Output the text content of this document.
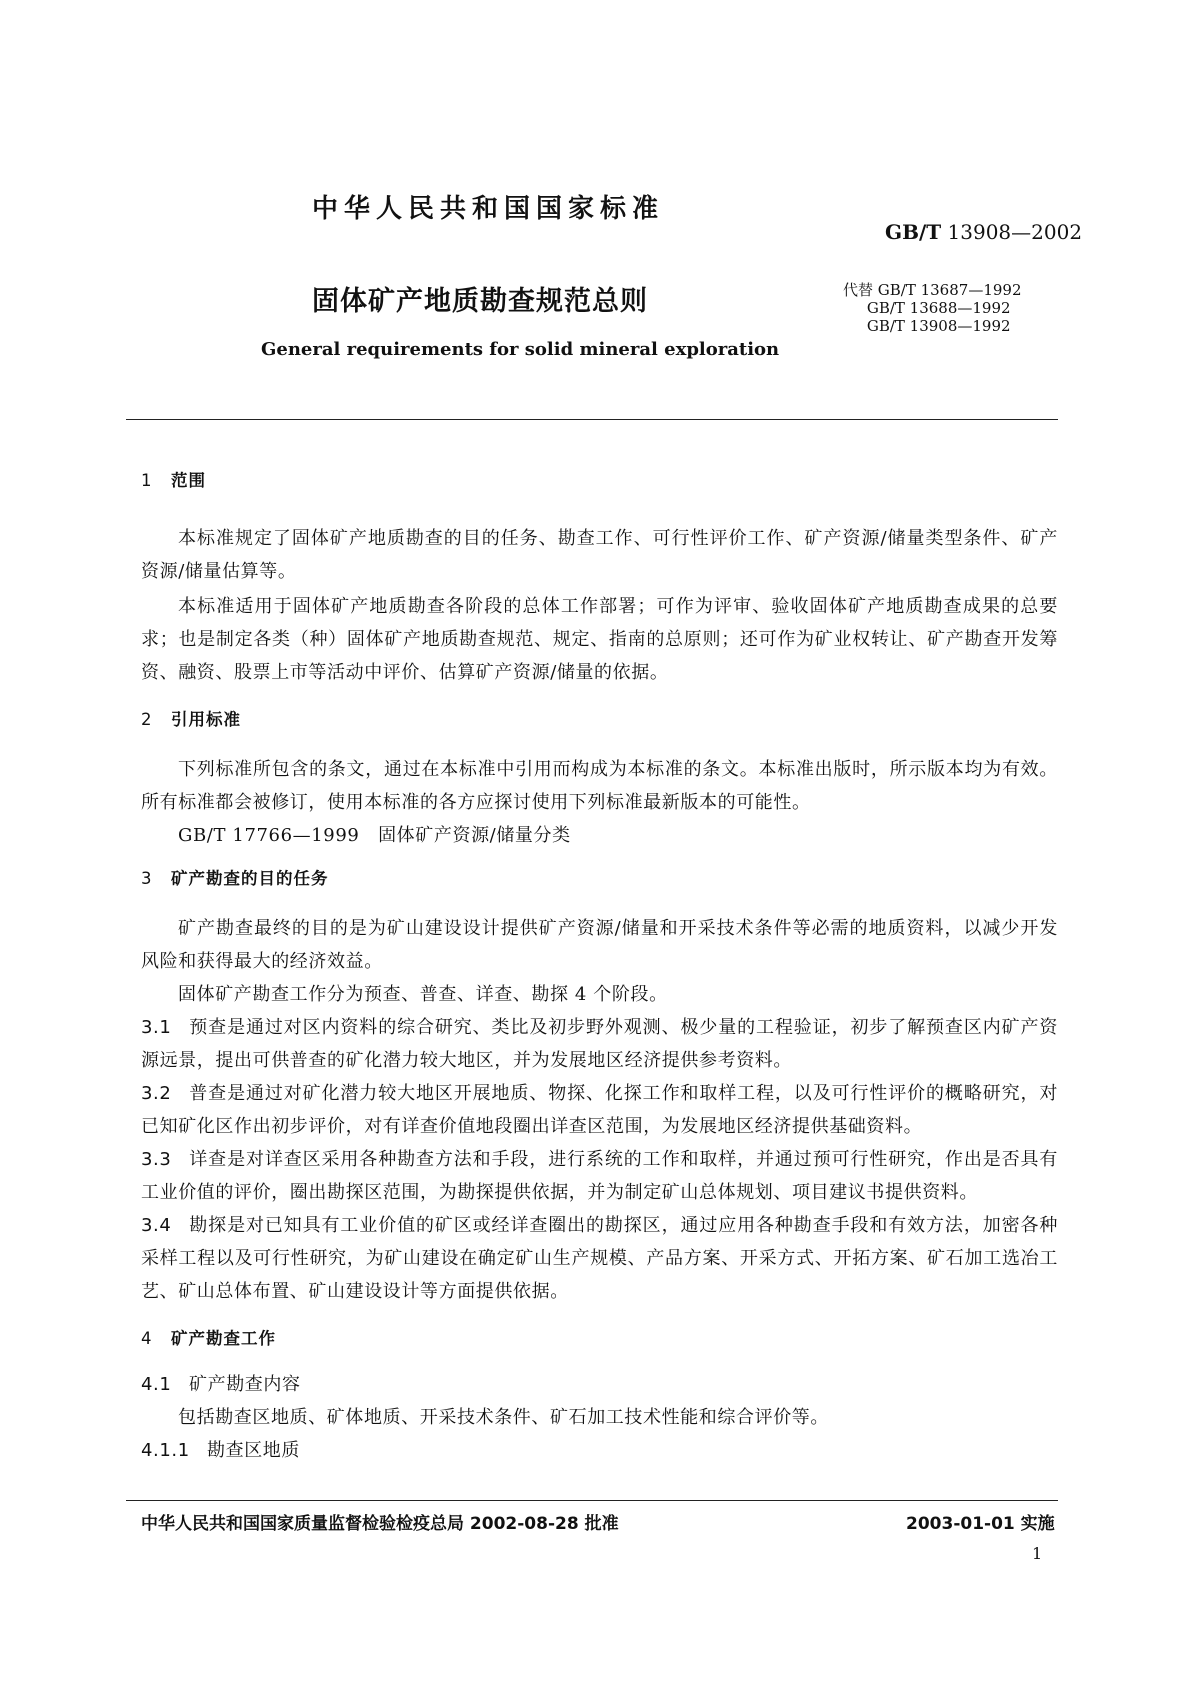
中华人民共和国国家标准
GB/T 13908—2002
固体矿产地质勘查规范总则	代替 GB/T 13687—1992
GB/T 13688—1992
GB/T 13908—1992
General requirements for solid mineral exploration
1 范围
本标准规定了固体矿产地质勘查的目的任务、勘查工作、可行性评价工作、矿产资源/储量类型条件、矿产资源/储量估算等。
本标准适用于固体矿产地质勘查各阶段的总体工作部署；可作为评审、验收固体矿产地质勘查成果的总要求；也是制定各类（种）固体矿产地质勘查规范、规定、指南的总原则；还可作为矿业权转让、矿产勘查开发筹资、融资、股票上市等活动中评价、估算矿产资源/储量的依据。
2 引用标准
下列标准所包含的条文，通过在本标准中引用而构成为本标准的条文。本标准出版时，所示版本均为有效。所有标准都会被修订，使用本标准的各方应探讨使用下列标准最新版本的可能性。
GB/T 17766—1999　固体矿产资源/储量分类
3 矿产勘查的目的任务
矿产勘查最终的目的是为矿山建设设计提供矿产资源/储量和开采技术条件等必需的地质资料，以减少开发风险和获得最大的经济效益。
固体矿产勘查工作分为预查、普查、详查、勘探 4 个阶段。
3.1 预查是通过对区内资料的综合研究、类比及初步野外观测、极少量的工程验证，初步了解预查区内矿产资源远景，提出可供普查的矿化潜力较大地区，并为发展地区经济提供参考资料。
3.2 普查是通过对矿化潜力较大地区开展地质、物探、化探工作和取样工程，以及可行性评价的概略研究，对已知矿化区作出初步评价，对有详查价值地段圈出详查区范围，为发展地区经济提供基础资料。
3.3 详查是对详查区采用各种勘查方法和手段，进行系统的工作和取样，并通过预可行性研究，作出是否具有工业价值的评价，圈出勘探区范围，为勘探提供依据，并为制定矿山总体规划、项目建议书提供资料。
3.4 勘探是对已知具有工业价值的矿区或经详查圈出的勘探区，通过应用各种勘查手段和有效方法，加密各种采样工程以及可行性研究，为矿山建设在确定矿山生产规模、产品方案、开采方式、开拓方案、矿石加工选冶工艺、矿山总体布置、矿山建设设计等方面提供依据。
4 矿产勘查工作
4.1 矿产勘查内容
包括勘查区地质、矿体地质、开采技术条件、矿石加工技术性能和综合评价等。
4.1.1 勘查区地质
中华人民共和国国家质量监督检验检疫总局 2002-08-28 批准	2003-01-01 实施
1
